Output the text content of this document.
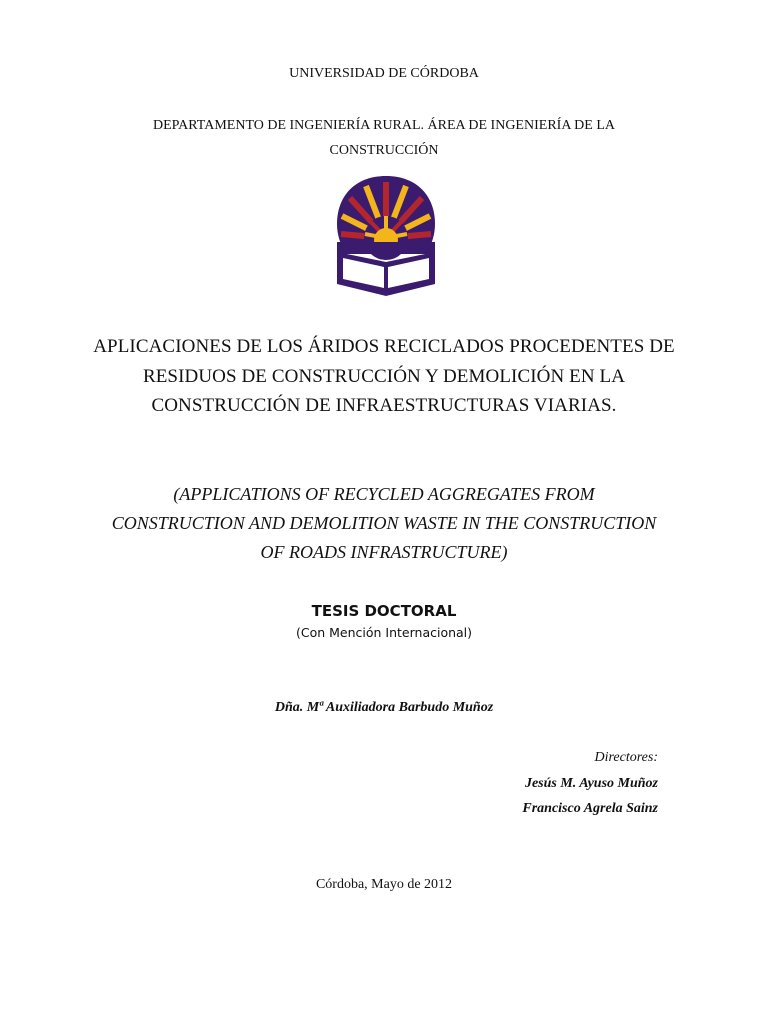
UNIVERSIDAD DE CÓRDOBA
DEPARTAMENTO DE INGENIERÍA RURAL. ÁREA DE INGENIERÍA DE LA
CONSTRUCCIÓN
APLICACIONES DE LOS ÁRIDOS RECICLADOS PROCEDENTES DE
RESIDUOS DE CONSTRUCCIÓN Y DEMOLICIÓN EN LA
CONSTRUCCIÓN DE INFRAESTRUCTURAS VIARIAS.
(APPLICATIONS OF RECYCLED AGGREGATES FROM
CONSTRUCTION AND DEMOLITION WASTE IN THE CONSTRUCTION
OF ROADS INFRASTRUCTURE)
TESIS DOCTORAL
(Con Mención Internacional)
Dña. Mª Auxiliadora Barbudo Muñoz
Directores:
Jesús M. Ayuso Muñoz
Francisco Agrela Sainz
Córdoba, Mayo de 2012
